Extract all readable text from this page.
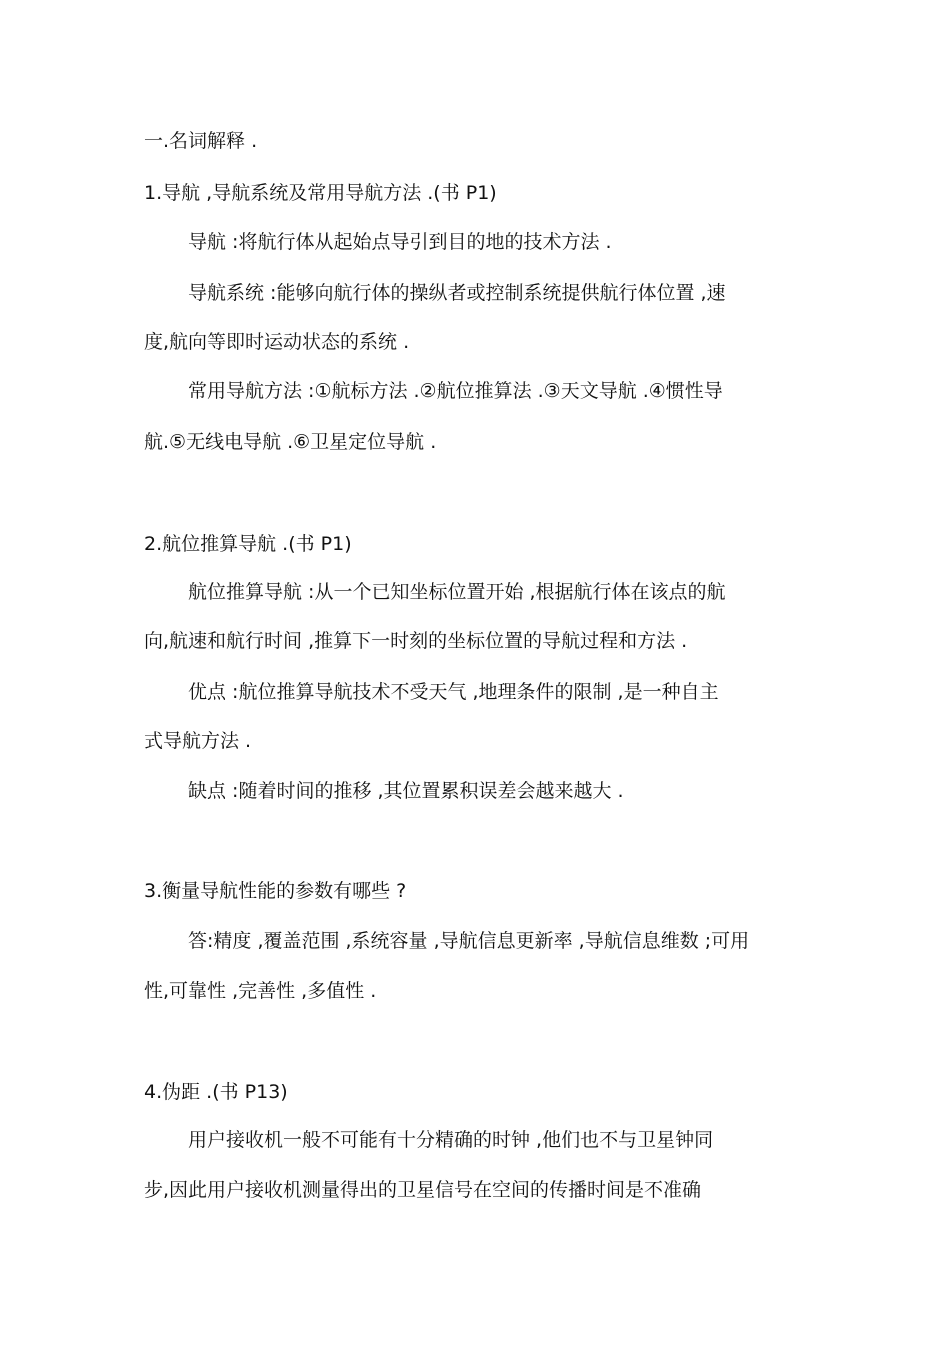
一.名词解释 .
1.导航 ,导航系统及常用导航方法 .(书 P1)
导航 :将航行体从起始点导引到目的地的技术方法 .
导航系统 :能够向航行体的操纵者或控制系统提供航行体位置 ,速
度,航向等即时运动状态的系统 .
常用导航方法 :①航标方法 .②航位推算法 .③天文导航 .④惯性导
航.⑤无线电导航 .⑥卫星定位导航 .
2.航位推算导航 .(书 P1)
航位推算导航 :从一个已知坐标位置开始 ,根据航行体在该点的航
向,航速和航行时间 ,推算下一时刻的坐标位置的导航过程和方法 .
优点 :航位推算导航技术不受天气 ,地理条件的限制 ,是一种自主
式导航方法 .
缺点 :随着时间的推移 ,其位置累积误差会越来越大 .
3.衡量导航性能的参数有哪些 ?
答:精度 ,覆盖范围 ,系统容量 ,导航信息更新率 ,导航信息维数 ;可用
性,可靠性 ,完善性 ,多值性 .
4.伪距 .(书 P13)
用户接收机一般不可能有十分精确的时钟 ,他们也不与卫星钟同
步,因此用户接收机测量得出的卫星信号在空间的传播时间是不准确
